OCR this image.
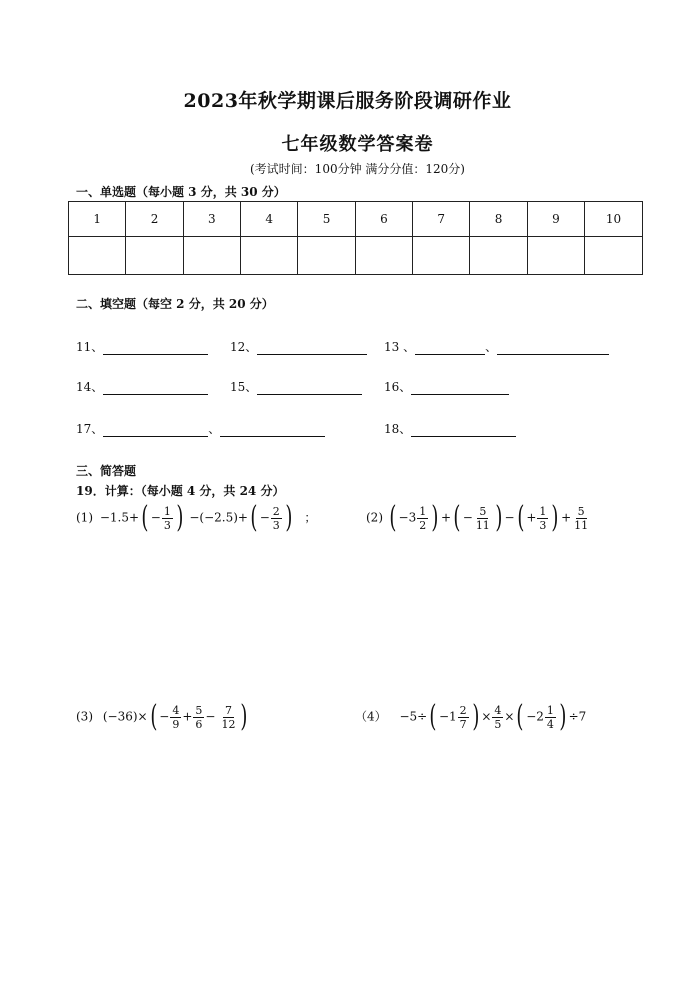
2023年秋学期课后服务阶段调研作业
七年级数学答案卷
(考试时间：100分钟 满分分值：120分)
一、单选题（每小题 3 分，共 30 分）
1	2	3	4	5	6	7	8	9	10

二、填空题（每空 2 分，共 20 分）
11、	12、	13 、	、
14、	15、	16、
17、	、	18、
三、简答题
19．计算：（每小题 4 分，共 24 分）
$(1) -1.5+( - \frac{1}{3}$ ) $-(-2.5)+( - \frac{2}{3}$ ) ；	(2) ( $-3 \frac{1}{2}$ ) +( − $\frac{5}{11}$ ) −( + $\frac{1}{3}$ ) + $\frac{5}{11}$
(3) $(-36)\times( - \frac{4}{9} + \frac{5}{6} - \frac{7}{12}$ )	$(4) -5\div( -1 \frac{2}{7}$ ) × $\frac{4}{5}$ ×( $-2 \frac{1}{4}$ ) ÷7
